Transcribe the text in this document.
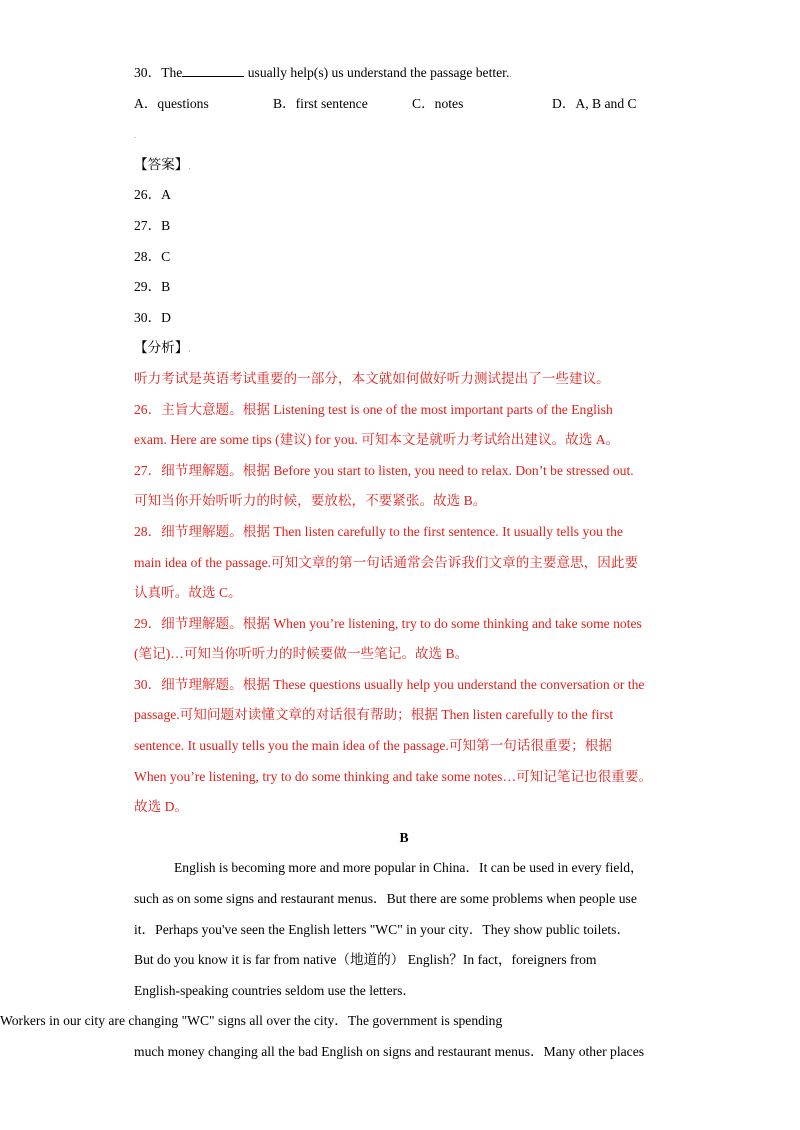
30．The	usually help(s) us understand the passage better..
A．questions	B．first sentence	C．notes	D．A, B and C
.
【答案】.
26．A
27．B
28．C
29．B
30．D
【分析】.
听力考试是英语考试重要的一部分，本文就如何做好听力测试提出了一些建议。
26．主旨大意题。根据 Listening test is one of the most important parts of the English
exam. Here are some tips (建议) for you. 可知本文是就听力考试给出建议。故选 A。
27．细节理解题。根据 Before you start to listen, you need to relax. Don’t be stressed out.
可知当你开始听听力的时候，要放松，不要紧张。故选 B。
28．细节理解题。根据 Then listen carefully to the first sentence. It usually tells you the
main idea of the passage.可知文章的第一句话通常会告诉我们文章的主要意思，因此要
认真听。故选 C。
29．细节理解题。根据 When you’re listening, try to do some thinking and take some notes
(笔记)…可知当你听听力的时候要做一些笔记。故选 B。
30．细节理解题。根据 These questions usually help you understand the conversation or the
passage.可知问题对读懂文章的对话很有帮助；根据 Then listen carefully to the first
sentence. It usually tells you the main idea of the passage.可知第一句话很重要；根据
When you’re listening, try to do some thinking and take some notes…可知记笔记也很重要。
故选 D。
B
English is becoming more and more popular in China．It can be used in every field，
such as on some signs and restaurant menus．But there are some problems when people use
it．Perhaps you've seen the English letters "WC" in your city．They show public toilets．
But do you know it is far from native（地道的） English？In fact，foreigners from
English-speaking countries seldom use the letters．
Workers in our city are changing "WC" signs all over the city．The government is spending
much money changing all the bad English on signs and restaurant menus．Many other places
